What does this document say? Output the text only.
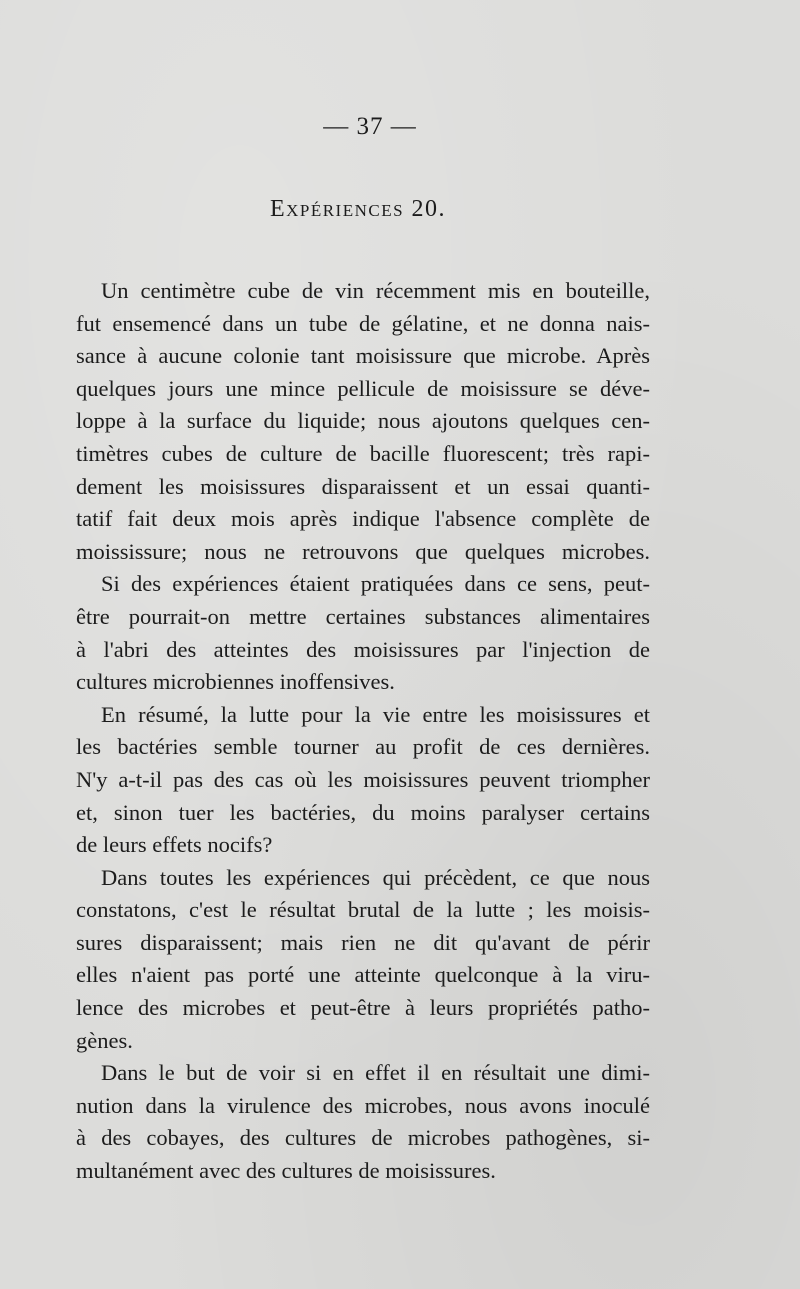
— 37 —
Expériences 20.
Un centimètre cube de vin récemment mis en bouteille,
fut ensemencé dans un tube de gélatine, et ne donna nais-
sance à aucune colonie tant moisissure que microbe. Après
quelques jours une mince pellicule de moisissure se déve-
loppe à la surface du liquide; nous ajoutons quelques cen-
timètres cubes de culture de bacille fluorescent; très rapi-
dement les moisissures disparaissent et un essai quanti-
tatif fait deux mois après indique l'absence complète de
moississure; nous ne retrouvons que quelques microbes.
Si des expériences étaient pratiquées dans ce sens, peut-
être pourrait-on mettre certaines substances alimentaires
à l'abri des atteintes des moisissures par l'injection de
cultures microbiennes inoffensives.
En résumé, la lutte pour la vie entre les moisissures et
les bactéries semble tourner au profit de ces dernières.
N'y a-t-il pas des cas où les moisissures peuvent triompher
et, sinon tuer les bactéries, du moins paralyser certains
de leurs effets nocifs?
Dans toutes les expériences qui précèdent, ce que nous
constatons, c'est le résultat brutal de la lutte ; les moisis-
sures disparaissent; mais rien ne dit qu'avant de périr
elles n'aient pas porté une atteinte quelconque à la viru-
lence des microbes et peut-être à leurs propriétés patho-
gènes.
Dans le but de voir si en effet il en résultait une dimi-
nution dans la virulence des microbes, nous avons inoculé
à des cobayes, des cultures de microbes pathogènes, si-
multanément avec des cultures de moisissures.
